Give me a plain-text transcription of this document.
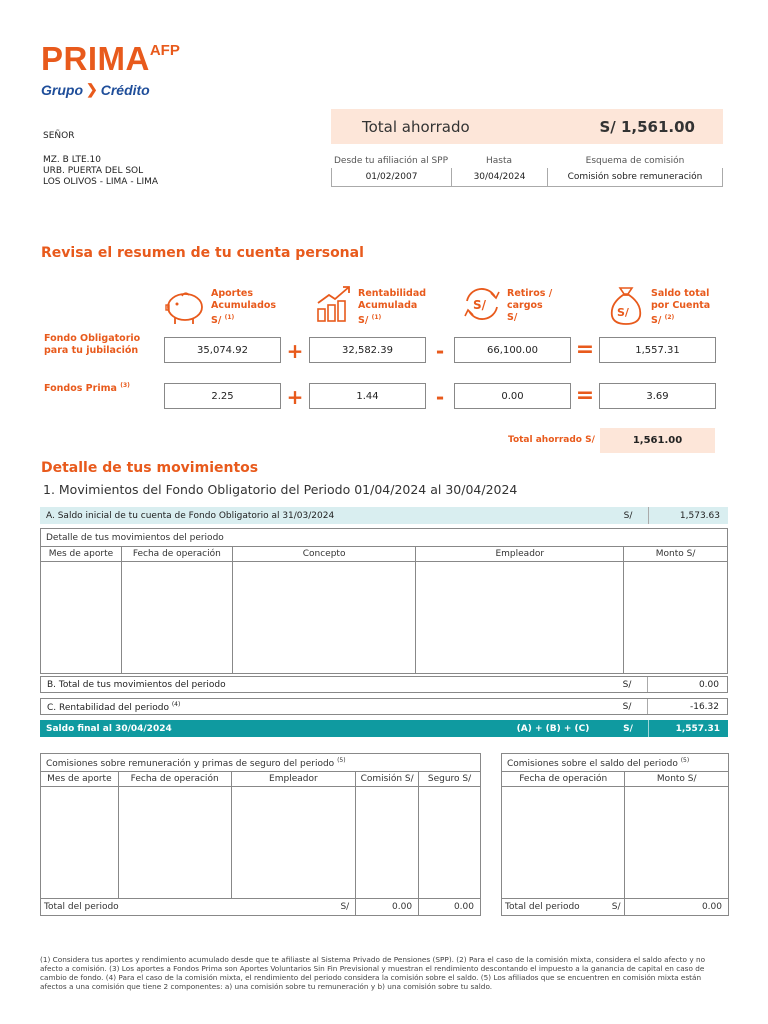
$PRIMA^{AFP}$
Grupo ❯ Crédito
SEÑOR
MZ. B LTE.10
URB. PUERTA DEL SOL
LOS OLIVOS - LIMA - LIMA
Total ahorrado	S/ 1,561.00
Desde tu afiliación al SPP	Hasta	Esquema de comisión
01/02/2007	30/04/2024	Comisión sobre remuneración
Revisa el resumen de tu cuenta personal
Aportes
Acumulados
S/ $^{(1)}$
Rentabilidad
Acumulada
S/ $^{(1)}$
S/
Retiros /
cargos
S/	S/
Saldo total
por Cuenta
S/ $^{(2)}$
Fondo Obligatorio
para tu jubilación	35,074.92	+	32,582.39	-	66,100.00	=	1,557.31
Fondos Prima $^{(3)}$
2.25	+	1.44	-	0.00	=	3.69
Total ahorrado S/	1,561.00
Detalle de tus movimientos
1. Movimientos del Fondo Obligatorio del Periodo 01/04/2024 al 30/04/2024
A. Saldo inicial de tu cuenta de Fondo Obligatorio al 31/03/2024	S/	1,573.63
Detalle de tus movimientos del periodo				
Mes de aporte	Fecha de operación	Concepto	Empleador	Monto S/

B. Total de tus movimientos del periodo	S/	0.00
C. Rentabilidad del periodo $^{(4)}$	S/	-16.32
Saldo final al 30/04/2024	(A) + (B) + (C)	S/	1,557.31
Comisiones sobre remuneración y primas de seguro del periodo $^{(5)}$
Mes de aporte	Fecha de operación	Empleador	Comisión S/	Seguro S/

Total del periodo S/			0.00	0.00
Comisiones sobre el saldo del periodo $^{(5)}$
Fecha de operación	Monto S/

Total del periodo S/	0.00
(1) Considera tus aportes y rendimiento acumulado desde que te afiliaste al Sistema Privado de Pensiones (SPP). (2) Para el caso de la comisión mixta, considera el saldo afecto y no afecto a comisión. (3) Los aportes a Fondos Prima son Aportes Voluntarios Sin Fin Previsional y muestran el rendimiento descontando el impuesto a la ganancia de capital en caso de cambio de fondo. (4) Para el caso de la comisión mixta, el rendimiento del periodo considera la comisión sobre el saldo. (5) Los afiliados que se encuentren en comisión mixta están afectos a una comisión que tiene 2 componentes: a) una comisión sobre tu remuneración y b) una comisión sobre tu saldo.
